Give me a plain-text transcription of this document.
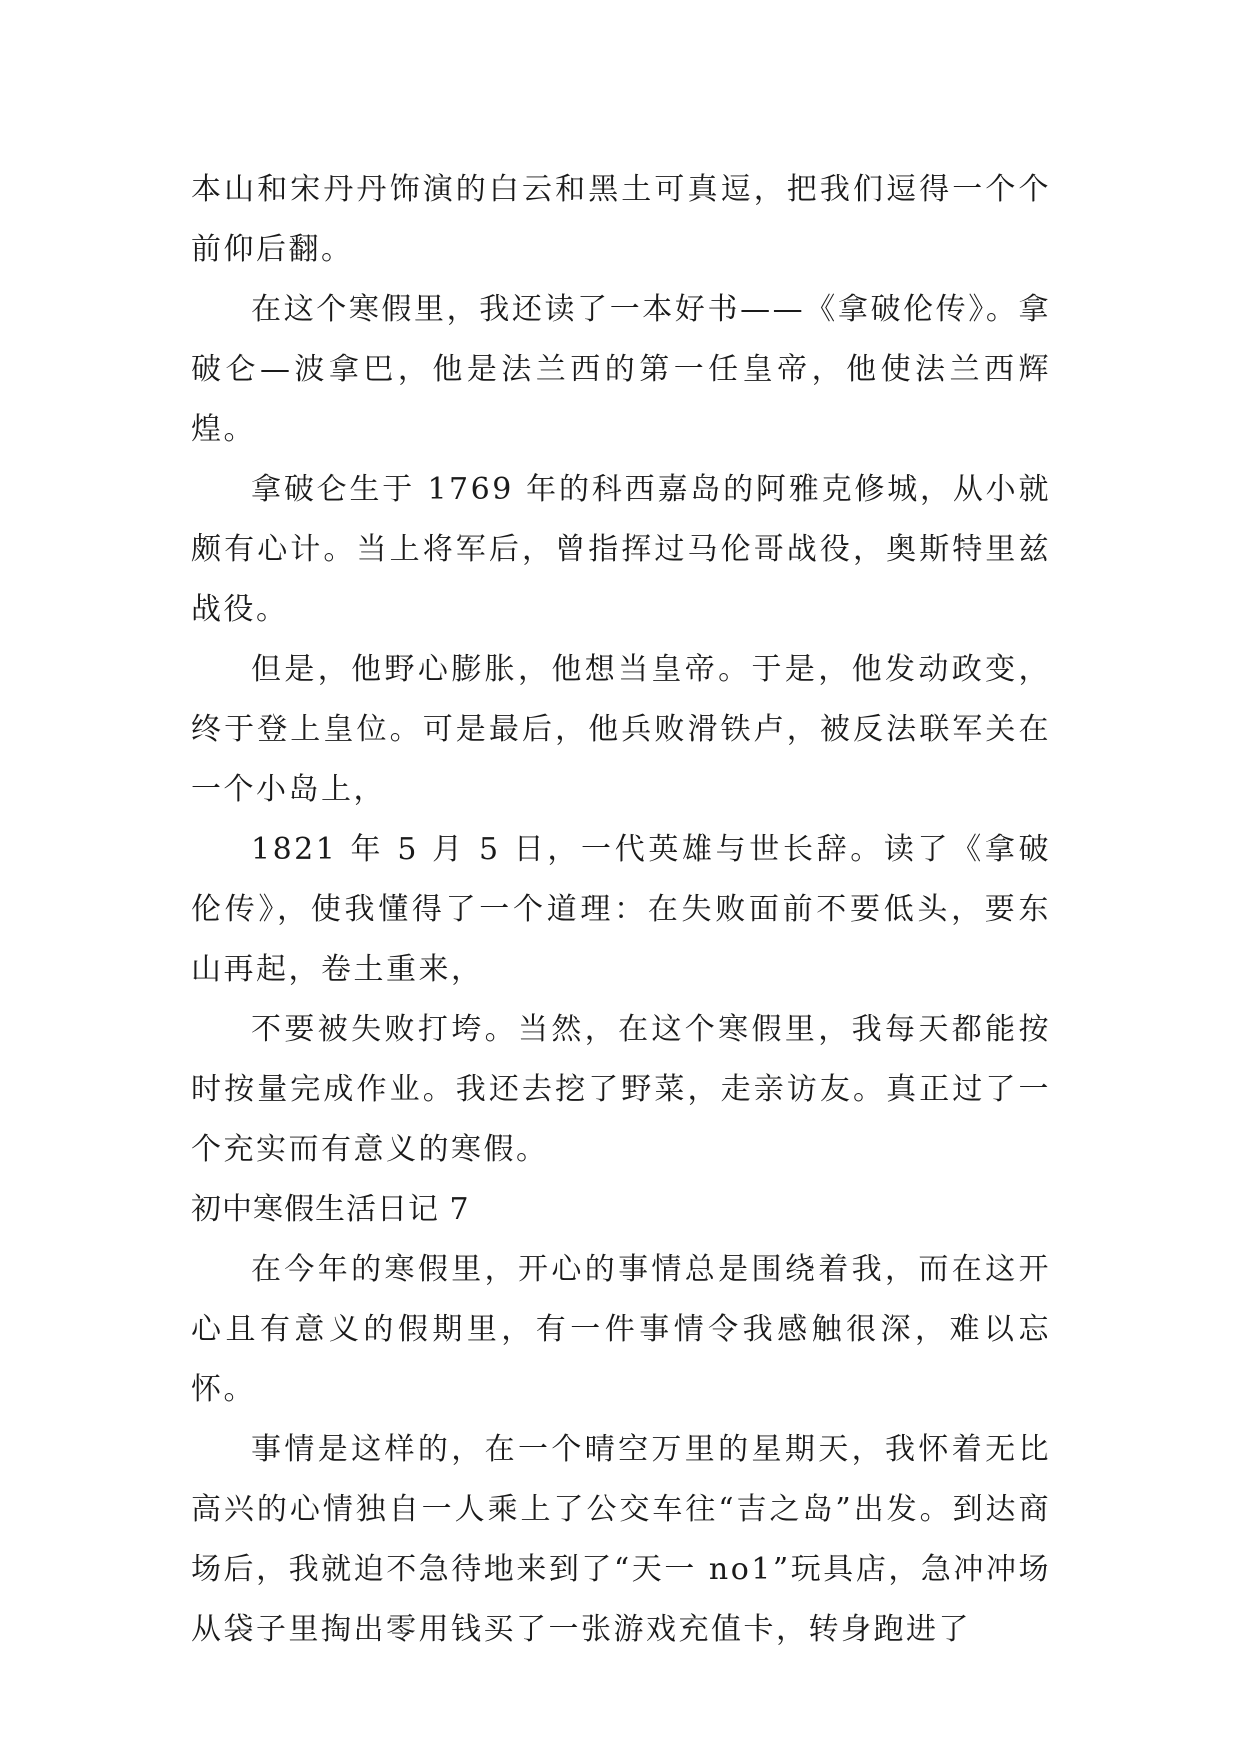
本山和宋丹丹饰演的白云和黑土可真逗，把我们逗得一个个前仰后翻。

在这个寒假里，我还读了一本好书——《拿破伦传》。拿破仑—波拿巴，他是法兰西的第一任皇帝，他使法兰西辉煌。

拿破仑生于 1769 年的科西嘉岛的阿雅克修城，从小就颇有心计。当上将军后，曾指挥过马伦哥战役，奥斯特里兹战役。

但是，他野心膨胀，他想当皇帝。于是，他发动政变，终于登上皇位。可是最后，他兵败滑铁卢，被反法联军关在一个小岛上，

1821 年 5 月 5 日，一代英雄与世长辞。读了《拿破伦传》，使我懂得了一个道理：在失败面前不要低头，要东山再起，卷土重来，

不要被失败打垮。当然，在这个寒假里，我每天都能按时按量完成作业。我还去挖了野菜，走亲访友。真正过了一个充实而有意义的寒假。

初中寒假生活日记 7

在今年的寒假里，开心的事情总是围绕着我，而在这开心且有意义的假期里，有一件事情令我感触很深，难以忘怀。

事情是这样的，在一个晴空万里的星期天，我怀着无比高兴的心情独自一人乘上了公交车往“吉之岛”出发。到达商场后，我就迫不急待地来到了“天一 no1”玩具店，急冲冲场从袋子里掏出零用钱买了一张游戏充值卡，转身跑进了
